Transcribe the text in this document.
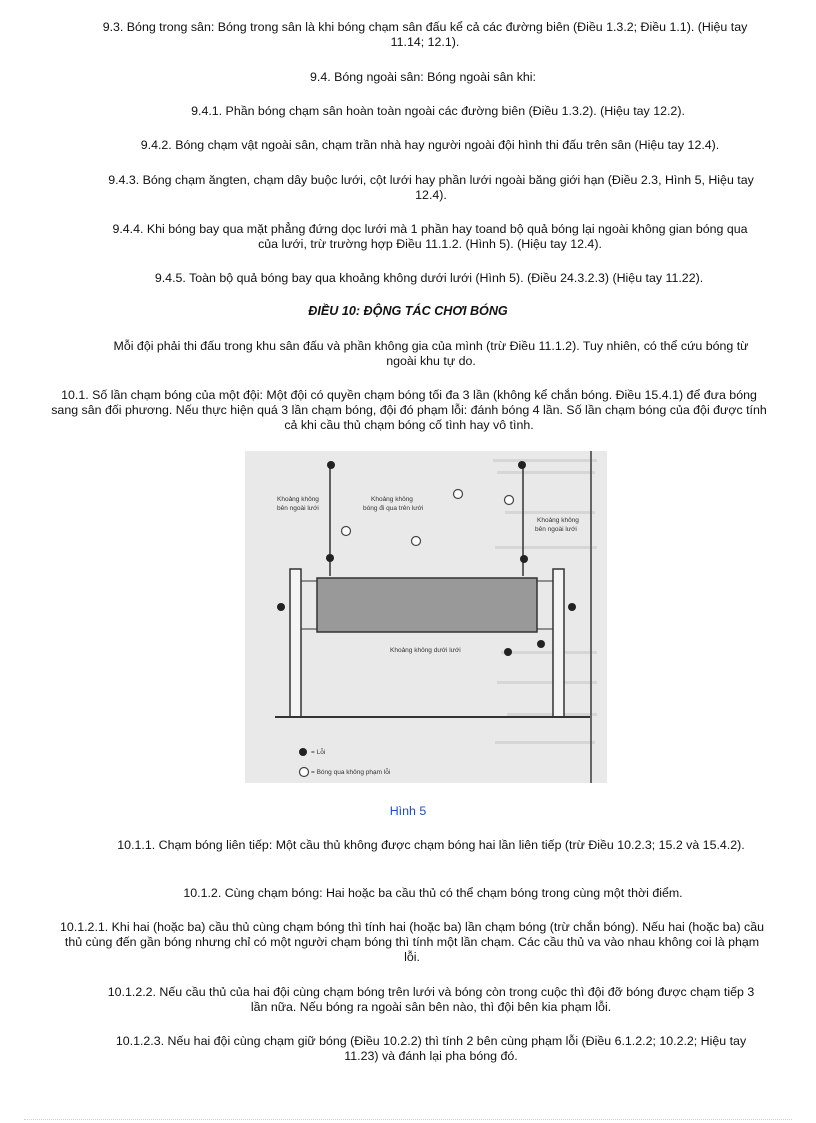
9.3. Bóng trong sân: Bóng trong sân là khi bóng chạm sân đấu kể cả các đường biên (Điều 1.3.2; Điều 1.1). (Hiệu tay 11.14; 12.1).
9.4. Bóng ngoài sân: Bóng ngoài sân khi:
9.4.1. Phần bóng chạm sân hoàn toàn ngoài các đường biên (Điều 1.3.2). (Hiệu tay 12.2).
9.4.2. Bóng chạm vật ngoài sân, chạm trần nhà hay người ngoài đội hình thi đấu trên sân (Hiệu tay 12.4).
9.4.3. Bóng chạm ăngten, chạm dây buộc lưới, cột lưới hay phần lưới ngoài băng giới hạn (Điều 2.3, Hình 5, Hiệu tay 12.4).
9.4.4. Khi bóng bay qua mặt phẳng đứng dọc lưới mà 1 phần hay toand bộ quả bóng lại ngoài không gian bóng qua của lưới, trừ trường hợp Điều 11.1.2. (Hình 5). (Hiệu tay 12.4).
9.4.5. Toàn bộ quả bóng bay qua khoảng không dưới lưới (Hình 5). (Điều 24.3.2.3) (Hiệu tay 11.22).
ĐIỀU 10: ĐỘNG TÁC CHƠI BÓNG
Mỗi đội phải thi đấu trong khu sân đấu và phần không gia của mình (trừ Điều 11.1.2). Tuy nhiên, có thể cứu bóng từ ngoài khu tự do.
10.1. Số lần chạm bóng của một đội: Một đội có quyền chạm bóng tối đa 3 lần (không kể chắn bóng. Điều 15.4.1) để đưa bóng sang sân đối phương. Nếu thực hiện quá 3 lần chạm bóng, đội đó phạm lỗi: đánh bóng 4 lần. Số lần chạm bóng của đội được tính cả khi cầu thủ chạm bóng cố tình hay vô tình.
Khoảng không
bên ngoài lưới
Khoảng không
bóng đi qua trên lưới
Khoảng không
bên ngoài lưới
Khoảng không dưới lưới
= Lỗi
= Bóng qua không phạm lỗi
Hình 5
10.1.1. Chạm bóng liên tiếp: Một cầu thủ không được chạm bóng hai lần liên tiếp (trừ Điều 10.2.3; 15.2 và 15.4.2).
10.1.2. Cùng chạm bóng: Hai hoặc ba cầu thủ có thể chạm bóng trong cùng một thời điểm.
10.1.2.1. Khi hai (hoặc ba) cầu thủ cùng chạm bóng thì tính hai (hoặc ba) lần chạm bóng (trừ chắn bóng). Nếu hai (hoặc ba) cầu thủ cùng đến gần bóng nhưng chỉ có một người chạm bóng thì tính một lần chạm. Các cầu thủ va vào nhau không coi là phạm lỗi.
10.1.2.2. Nếu cầu thủ của hai đội cùng chạm bóng trên lưới và bóng còn trong cuộc thì đội đỡ bóng được chạm tiếp 3 lần nữa. Nếu bóng ra ngoài sân bên nào, thì đội bên kia phạm lỗi.
10.1.2.3. Nếu hai đội cùng chạm giữ bóng (Điều 10.2.2) thì tính 2 bên cùng phạm lỗi (Điều 6.1.2.2; 10.2.2; Hiệu tay 11.23) và đánh lại pha bóng đó.
